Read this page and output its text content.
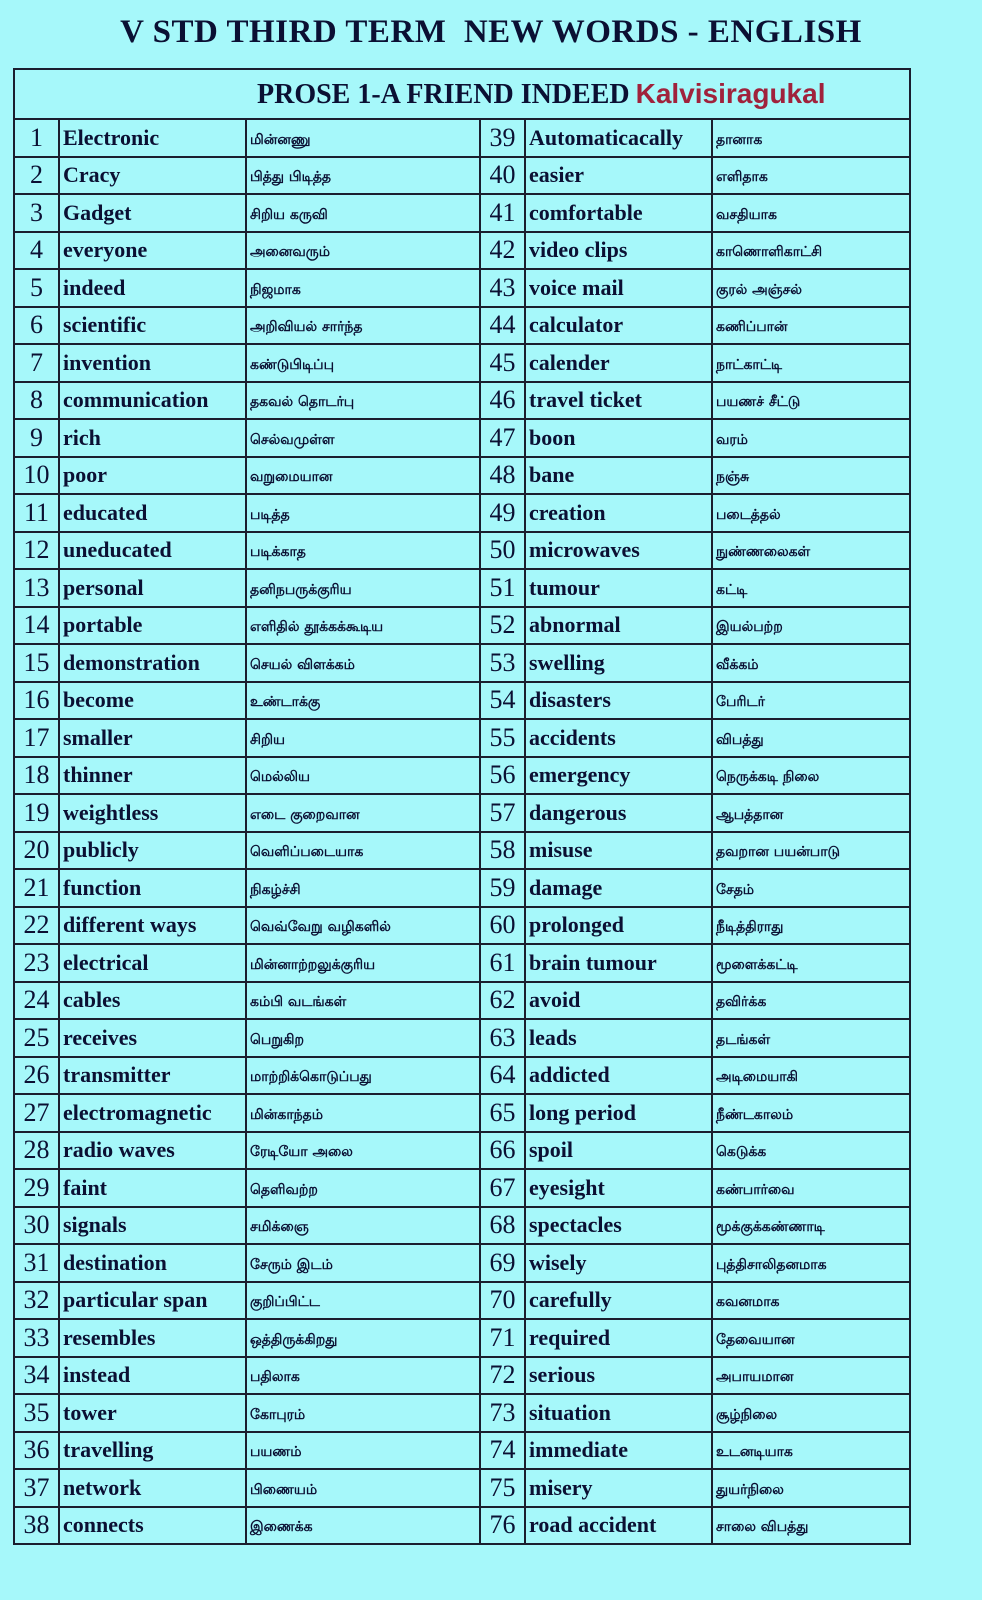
V STD THIRD TERM  NEW WORDS - ENGLISH
PROSE 1-A FRIEND INDEED Kalvisiragukal					
1	Electronic	மின்னணு	39	Automaticacally	தானாக
2	Cracy	பித்து பிடித்த	40	easier	எளிதாக
3	Gadget	சிறிய கருவி	41	comfortable	வசதியாக
4	everyone	அனைவரும்	42	video clips	காணொளிகாட்சி
5	indeed	நிஜமாக	43	voice mail	குரல் அஞ்சல்
6	scientific	அறிவியல் சார்ந்த	44	calculator	கணிப்பான்
7	invention	கண்டுபிடிப்பு	45	calender	நாட்காட்டி
8	communication	தகவல் தொடர்பு	46	travel ticket	பயணச் சீட்டு
9	rich	செல்வமுள்ள	47	boon	வரம்
10	poor	வறுமையான	48	bane	நஞ்சு
11	educated	படித்த	49	creation	படைத்தல்
12	uneducated	படிக்காத	50	microwaves	நுண்ணலைகள்
13	personal	தனிநபருக்குரிய	51	tumour	கட்டி
14	portable	எளிதில் தூக்கக்கூடிய	52	abnormal	இயல்பற்ற
15	demonstration	செயல் விளக்கம்	53	swelling	வீக்கம்
16	become	உண்டாக்கு	54	disasters	பேரிடர்
17	smaller	சிறிய	55	accidents	விபத்து
18	thinner	மெல்லிய	56	emergency	நெருக்கடி நிலை
19	weightless	எடை குறைவான	57	dangerous	ஆபத்தான
20	publicly	வெளிப்படையாக	58	misuse	தவறான பயன்பாடு
21	function	நிகழ்ச்சி	59	damage	சேதம்
22	different ways	வெவ்வேறு வழிகளில்	60	prolonged	நீடித்திராது
23	electrical	மின்னாற்றலுக்குரிய	61	brain tumour	மூளைக்கட்டி
24	cables	கம்பி வடங்கள்	62	avoid	தவிர்க்க
25	receives	பெறுகிற	63	leads	தடங்கள்
26	transmitter	மாற்றிக்கொடுப்பது	64	addicted	அடிமையாகி
27	electromagnetic	மின்காந்தம்	65	long period	நீண்டகாலம்
28	radio waves	ரேடியோ அலை	66	spoil	கெடுக்க
29	faint	தெளிவற்ற	67	eyesight	கண்பார்வை
30	signals	சமிக்ஞை	68	spectacles	மூக்குக்கண்ணாடி
31	destination	சேரும் இடம்	69	wisely	புத்திசாலிதனமாக
32	particular span	குறிப்பிட்ட	70	carefully	கவனமாக
33	resembles	ஒத்திருக்கிறது	71	required	தேவையான
34	instead	பதிலாக	72	serious	அபாயமான
35	tower	கோபுரம்	73	situation	சூழ்நிலை
36	travelling	பயணம்	74	immediate	உடனடியாக
37	network	பிணையம்	75	misery	துயர்நிலை
38	connects	இணைக்க	76	road accident	சாலை விபத்து
